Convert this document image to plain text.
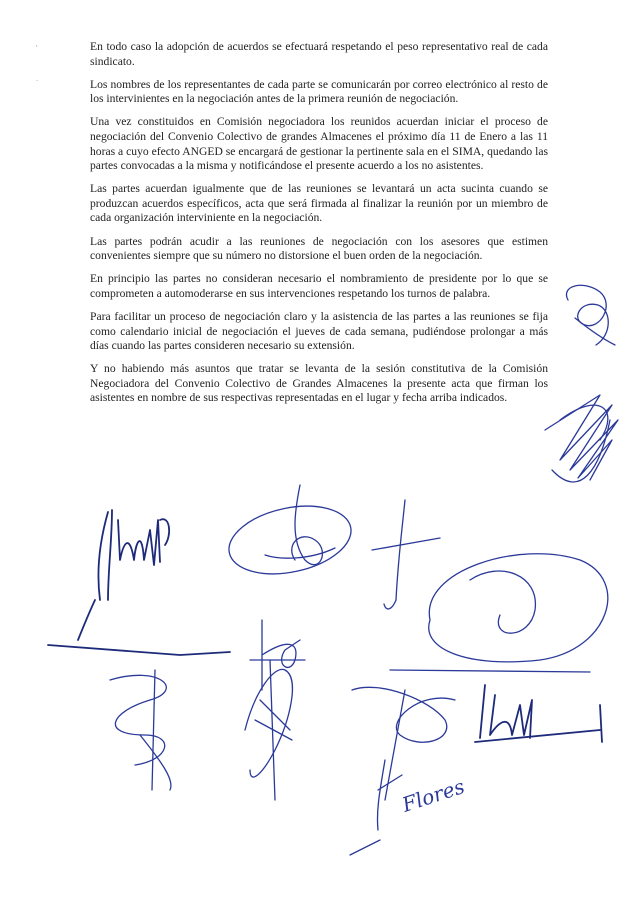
'
.

En todo caso la adopción de acuerdos se efectuará respetando el peso representativo real de cada sindicato.

Los nombres de los representantes de cada parte se comunicarán por correo electrónico al resto de los intervinientes en la negociación antes de la primera reunión de negociación.

Una vez constituidos en Comisión negociadora los reunidos acuerdan iniciar el proceso de negociación del Convenio Colectivo de grandes Almacenes el próximo día 11 de Enero a las 11 horas a cuyo efecto ANGED se encargará de gestionar la pertinente sala en el SIMA, quedando las partes convocadas a la misma y notificándose el presente acuerdo a los no asistentes.

Las partes acuerdan igualmente que de las reuniones se levantará un acta sucinta cuando se produzcan acuerdos específicos, acta que será firmada al finalizar la reunión por un miembro de cada organización interviniente en la negociación.

Las partes podrán acudir a las reuniones de negociación con los asesores que estimen convenientes siempre que su número no distorsione el buen orden de la negociación.

En principio las partes no consideran necesario el nombramiento de presidente por lo que se comprometen a automoderarse en sus intervenciones respetando los turnos de palabra.

Para facilitar un proceso de negociación claro y la asistencia de las partes a las reuniones se fija como calendario inicial de negociación el jueves de cada semana, pudiéndose prolongar a más días cuando las partes consideren necesario su extensión.

Y no habiendo más asuntos que tratar se levanta de la sesión constitutiva de la Comisión Negociadora del Convenio Colectivo de Grandes Almacenes la presente acta que firman los asistentes en nombre de sus respectivas representadas en el lugar y fecha arriba indicados.

Flores
